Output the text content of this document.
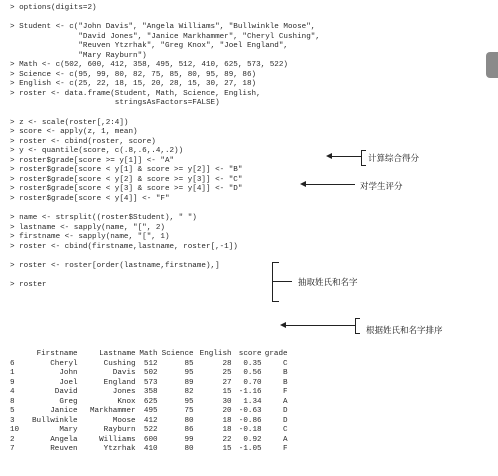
> options(digits=2)
> Student <- c("John Davis", "Angela Williams", "Bullwinkle Moose",
"David Jones", "Janice Markhammer", "Cheryl Cushing",
"Reuven Ytzrhak", "Greg Knox", "Joel England",
"Mary Rayburn")
> Math <- c(502, 600, 412, 358, 495, 512, 410, 625, 573, 522)
> Science <- c(95, 99, 80, 82, 75, 85, 80, 95, 89, 86)
> English <- c(25, 22, 18, 15, 20, 28, 15, 30, 27, 18)
> roster <- data.frame(Student, Math, Science, English,
stringsAsFactors=FALSE)
> z <- scale(roster[,2:4])
> score <- apply(z, 1, mean)
> roster <- cbind(roster, score)
> y <- quantile(score, c(.8,.6,.4,.2))
> roster$grade[score >= y[1]] <- "A"
> roster$grade[score < y[1] & score >= y[2]] <- "B"
> roster$grade[score < y[2] & score >= y[3]] <- "C"
> roster$grade[score < y[3] & score >= y[4]] <- "D"
> roster$grade[score < y[4]] <- "F"
> name <- strsplit((roster$Student), " ")
> lastname <- sapply(name, "[", 2)
> firstname <- sapply(name, "[", 1)
> roster <- cbind(firstname,lastname, roster[,-1])
> roster <- roster[order(lastname,firstname),]
> roster
计算综合得分
对学生评分
抽取姓氏和名字
根据姓氏和名字排序
	Firstname	Lastname	Math	Science	English	score	grade
6	Cheryl	Cushing	512	85	28	0.35	C
1	John	Davis	502	95	25	0.56	B
9	Joel	England	573	89	27	0.70	B
4	David	Jones	358	82	15	-1.16	F
8	Greg	Knox	625	95	30	1.34	A
5	Janice	Markhammer	495	75	20	-0.63	D
3	Bullwinkle	Moose	412	80	18	-0.86	D
10	Mary	Rayburn	522	86	18	-0.18	C
2	Angela	Williams	600	99	22	0.92	A
7	Reuven	Ytzrhak	410	80	15	-1.05	F
